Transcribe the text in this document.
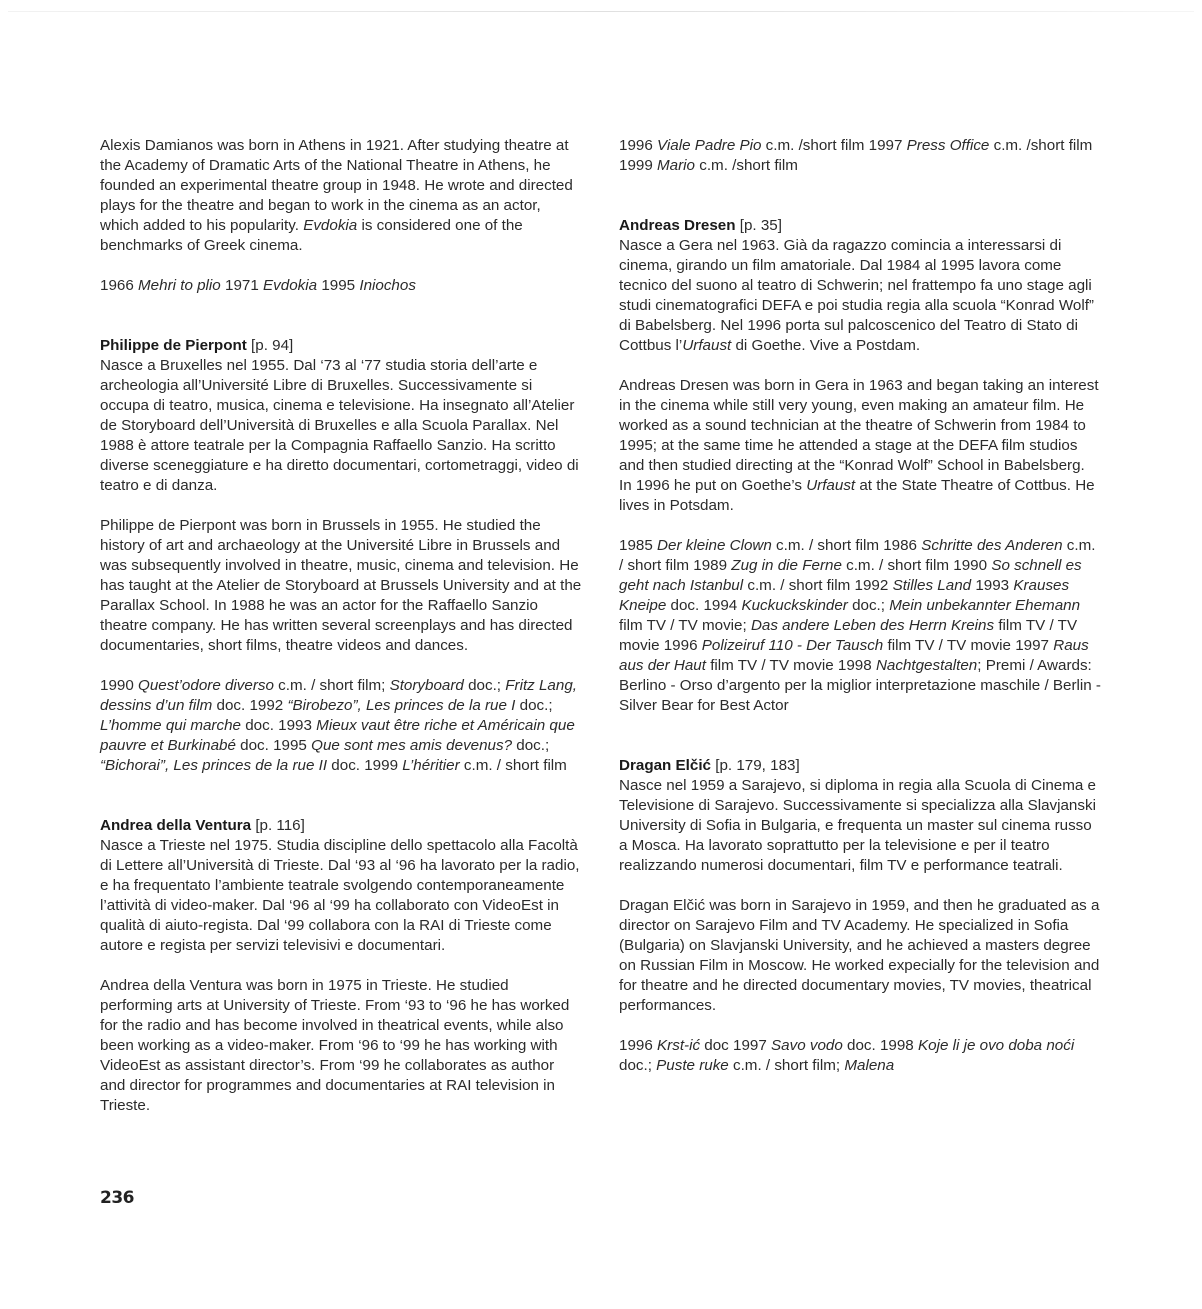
Alexis Damianos was born in Athens in 1921. After studying theatre at the Academy of Dramatic Arts of the National Theatre in Athens, he founded an experimental theatre group in 1948. He wrote and directed plays for the theatre and began to work in the cinema as an actor, which added to his popularity. Evdokia is considered one of the benchmarks of Greek cinema.

1966 Mehri to plio 1971 Evdokia 1995 Iniochos

Philippe de Pierpont [p. 94]

Nasce a Bruxelles nel 1955. Dal ‘73 al ‘77 studia storia dell’arte e archeologia all’Université Libre di Bruxelles. Successivamente si occupa di teatro, musica, cinema e televisione. Ha insegnato all’Atelier de Storyboard dell’Università di Bruxelles e alla Scuola Parallax. Nel 1988 è attore teatrale per la Compagnia Raffaello Sanzio. Ha scritto diverse sceneggiature e ha diretto documentari, cortometraggi, video di teatro e di danza.

Philippe de Pierpont was born in Brussels in 1955. He studied the history of art and archaeology at the Université Libre in Brussels and was subsequently involved in theatre, music, cinema and television. He has taught at the Atelier de Storyboard at Brussels University and at the Parallax School. In 1988 he was an actor for the Raffaello Sanzio theatre company. He has written several screenplays and has directed documentaries, short films, theatre videos and dances.

1990 Quest’odore diverso c.m. / short film; Storyboard doc.; Fritz Lang, dessins d’un film doc. 1992 “Birobezo”, Les princes de la rue I doc.; L’homme qui marche doc. 1993 Mieux vaut être riche et Américain que pauvre et Burkinabé doc. 1995 Que sont mes amis devenus? doc.; “Bichorai”, Les princes de la rue II doc. 1999 L’héritier c.m. / short film

Andrea della Ventura [p. 116]

Nasce a Trieste nel 1975. Studia discipline dello spettacolo alla Facoltà di Lettere all’Università di Trieste. Dal ‘93 al ‘96 ha lavorato per la radio, e ha frequentato l’ambiente teatrale svolgendo contemporaneamente l’attività di video-maker. Dal ‘96 al ‘99 ha collaborato con VideoEst in qualità di aiuto-regista. Dal ‘99 collabora con la RAI di Trieste come autore e regista per servizi televisivi e documentari.

Andrea della Ventura was born in 1975 in Trieste. He studied performing arts at University of Trieste. From ‘93 to ‘96 he has worked for the radio and has become involved in theatrical events, while also been working as a video-maker. From ‘96 to ‘99 he has working with VideoEst as assistant director’s. From ‘99 he collaborates as author and director for programmes and documentaries at RAI television in Trieste.

1996 Viale Padre Pio c.m. /short film 1997 Press Office c.m. /short film 1999 Mario c.m. /short film

Andreas Dresen [p. 35]

Nasce a Gera nel 1963. Già da ragazzo comincia a interessarsi di cinema, girando un film amatoriale. Dal 1984 al 1995 lavora come tecnico del suono al teatro di Schwerin; nel frattempo fa uno stage agli studi cinematografici DEFA e poi studia regia alla scuola “Konrad Wolf” di Babelsberg. Nel 1996 porta sul palcoscenico del Teatro di Stato di Cottbus l’Urfaust di Goethe. Vive a Postdam.

Andreas Dresen was born in Gera in 1963 and began taking an interest in the cinema while still very young, even making an amateur film. He worked as a sound technician at the theatre of Schwerin from 1984 to 1995; at the same time he attended a stage at the DEFA film studios and then studied directing at the “Konrad Wolf” School in Babelsberg. In 1996 he put on Goethe’s Urfaust at the State Theatre of Cottbus. He lives in Potsdam.

1985 Der kleine Clown c.m. / short film 1986 Schritte des Anderen c.m. / short film 1989 Zug in die Ferne c.m. / short film 1990 So schnell es geht nach Istanbul c.m. / short film 1992 Stilles Land 1993 Krauses Kneipe doc. 1994 Kuckuckskinder doc.; Mein unbekannter Ehemann film TV / TV movie; Das andere Leben des Herrn Kreins film TV / TV movie 1996 Polizeiruf 110 - Der Tausch film TV / TV movie 1997 Raus aus der Haut film TV / TV movie 1998 Nachtgestalten; Premi / Awards: Berlino - Orso d’argento per la miglior interpretazione maschile / Berlin - Silver Bear for Best Actor

Dragan Elčić [p. 179, 183]

Nasce nel 1959 a Sarajevo, si diploma in regia alla Scuola di Cinema e Televisione di Sarajevo. Successivamente si specializza alla Slavjanski University di Sofia in Bulgaria, e frequenta un master sul cinema russo a Mosca. Ha lavorato soprattutto per la televisione e per il teatro realizzando numerosi documentari, film TV e performance teatrali.

Dragan Elčić was born in Sarajevo in 1959, and then he graduated as a director on Sarajevo Film and TV Academy. He specialized in Sofia (Bulgaria) on Slavjanski University, and he achieved a masters degree on Russian Film in Moscow. He worked expecially for the television and for theatre and he directed documentary movies, TV movies, theatrical performances.

1996 Krst-ić doc 1997 Savo vodo doc. 1998 Koje li je ovo doba noći doc.; Puste ruke c.m. / short film; Malena

236
